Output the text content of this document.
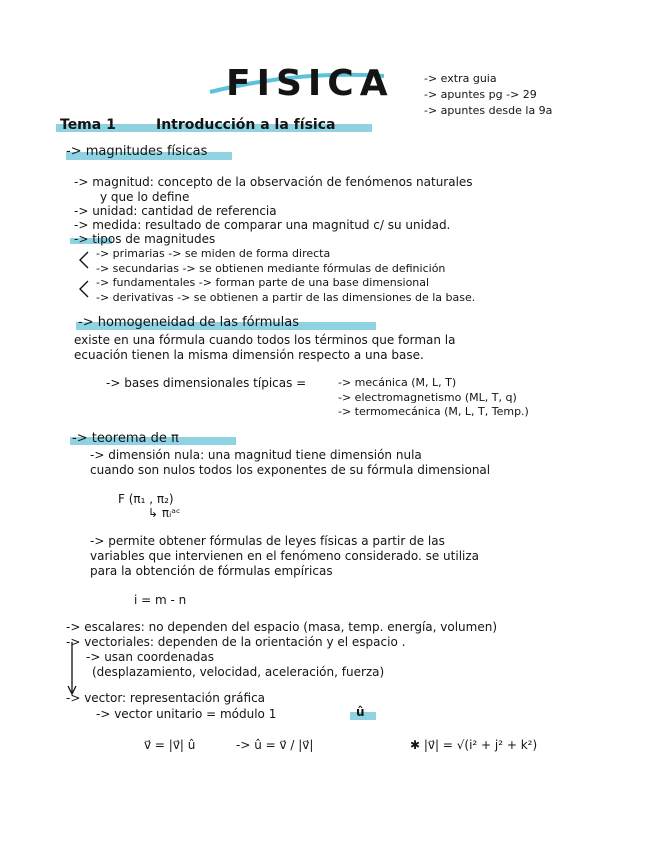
FISICA	-> extra guia
-> apuntes pg -> 29
-> apuntes desde la 9a
Tema 1	Introducción a la física
-> magnitudes físicas
-> magnitud: concepto de la observación de fenómenos naturales
y que lo define
-> unidad: cantidad de referencia
-> medida: resultado de comparar una magnitud c/ su unidad.
-> tipos de magnitudes
-> primarias -> se miden de forma directa
-> secundarias -> se obtienen mediante fórmulas de definición
-> fundamentales -> forman parte de una base dimensional
-> derivativas -> se obtienen a partir de las dimensiones de la base.
-> homogeneidad de las fórmulas
existe en una fórmula cuando todos los términos que forman la
ecuación tienen la misma dimensión respecto a una base.
-> bases dimensionales típicas =	-> mecánica (M, L, T)
-> electromagnetismo (ML, T, q)
-> termomecánica (M, L, T, Temp.)
-> teorema de π
-> dimensión nula: una magnitud tiene dimensión nula
cuando son nulos todos los exponentes de su fórmula dimensional
F (π₁ , π₂)
↳ πᵢᵃᶜ
-> permite obtener fórmulas de leyes físicas a partir de las
variables que intervienen en el fenómeno considerado. se utiliza
para la obtención de fórmulas empíricas
i = m - n
-> escalares: no dependen del espacio (masa, temp. energía, volumen)
-> vectoriales: dependen de la orientación y el espacio .
-> usan coordenadas
(desplazamiento, velocidad, aceleración, fuerza)
-> vector: representación gráfica
-> vector unitario = módulo 1	û
v⃗ = |v⃗| û	-> û = v⃗ / |v⃗|	✱ |v⃗| = √(i² + j² + k²)
